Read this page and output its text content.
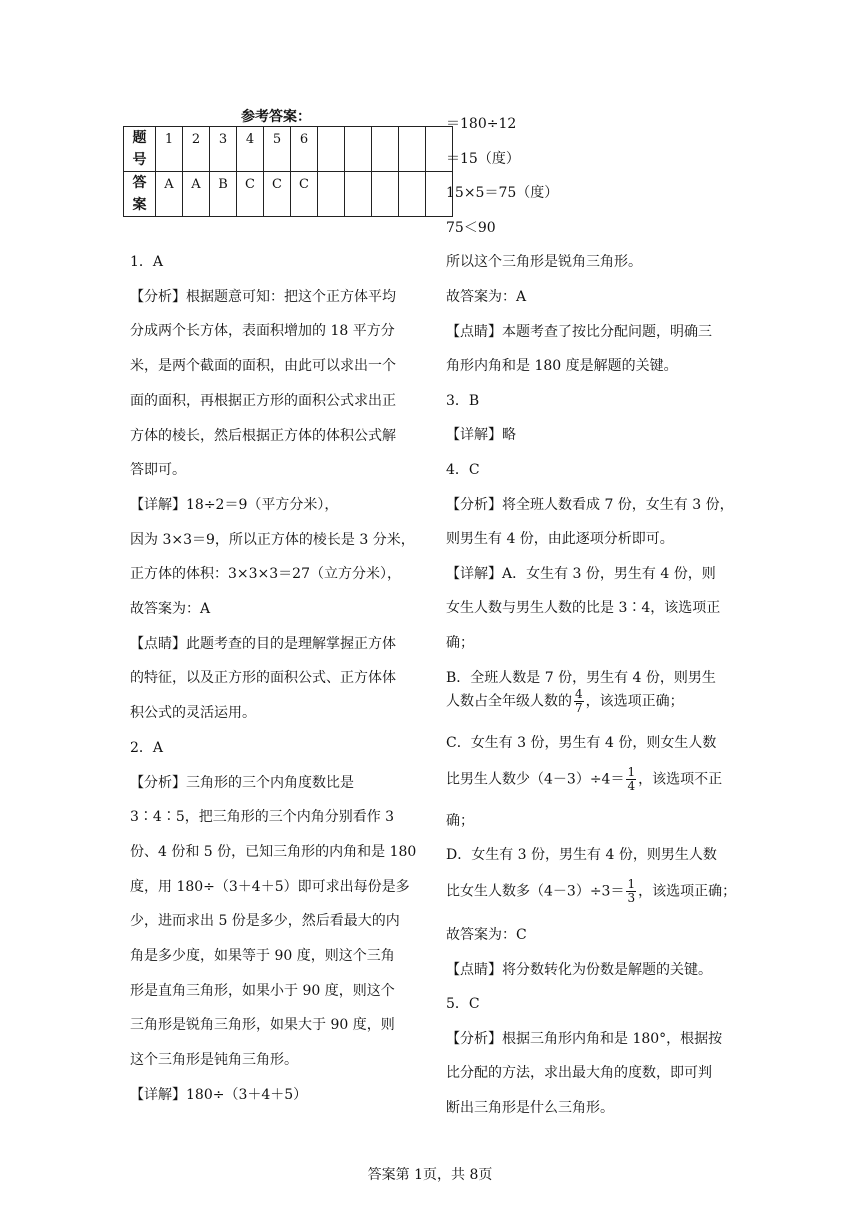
参考答案：
题
号	1	2	3	4	5	6					
答
案	A	A	B	C	C	C					
1．A
【分析】根据题意可知：把这个正方体平均
分成两个长方体，表面积增加的 18 平方分
米，是两个截面的面积，由此可以求出一个
面的面积，再根据正方形的面积公式求出正
方体的棱长，然后根据正方体的体积公式解
答即可。
【详解】18÷2＝9（平方分米），
因为 3×3＝9，所以正方体的棱长是 3 分米，
正方体的体积：3×3×3＝27（立方分米），
故答案为：A
【点睛】此题考查的目的是理解掌握正方体
的特征，以及正方形的面积公式、正方体体
积公式的灵活运用。
2．A
【分析】三角形的三个内角度数比是
3∶4∶5，把三角形的三个内角分别看作 3
份、4 份和 5 份，已知三角形的内角和是 180
度，用 180÷（3＋4＋5）即可求出每份是多
少，进而求出 5 份是多少，然后看最大的内
角是多少度，如果等于 90 度，则这个三角
形是直角三角形，如果小于 90 度，则这个
三角形是锐角三角形，如果大于 90 度，则
这个三角形是钝角三角形。
【详解】180÷（3＋4＋5）
＝180÷12
＝15（度）
15×5＝75（度）
75＜90
所以这个三角形是锐角三角形。
故答案为：A
【点睛】本题考查了按比分配问题，明确三
角形内角和是 180 度是解题的关键。
3．B
【详解】略
4．C
【分析】将全班人数看成 7 份，女生有 3 份，
则男生有 4 份，由此逐项分析即可。
【详解】A．女生有 3 份，男生有 4 份，则
女生人数与男生人数的比是 3∶4，该选项正
确；
B．全班人数是 7 份，男生有 4 份，则男生
人数占全年级人数的 $\frac{4}{7}$ ，该选项正确；
C．女生有 3 份，男生有 4 份，则女生人数
比男生人数少$(4-3)\div 4= \frac{1}{4}$ ，该选项不正
确；
D．女生有 3 份，男生有 4 份，则男生人数
比女生人数多$(4-3)\div 3= \frac{1}{3}$ ，该选项正确；
故答案为：C
【点睛】将分数转化为份数是解题的关键。
5．C
【分析】根据三角形内角和是 180°，根据按
比分配的方法，求出最大角的度数，即可判
断出三角形是什么三角形。
答案第 1页，共 8页
